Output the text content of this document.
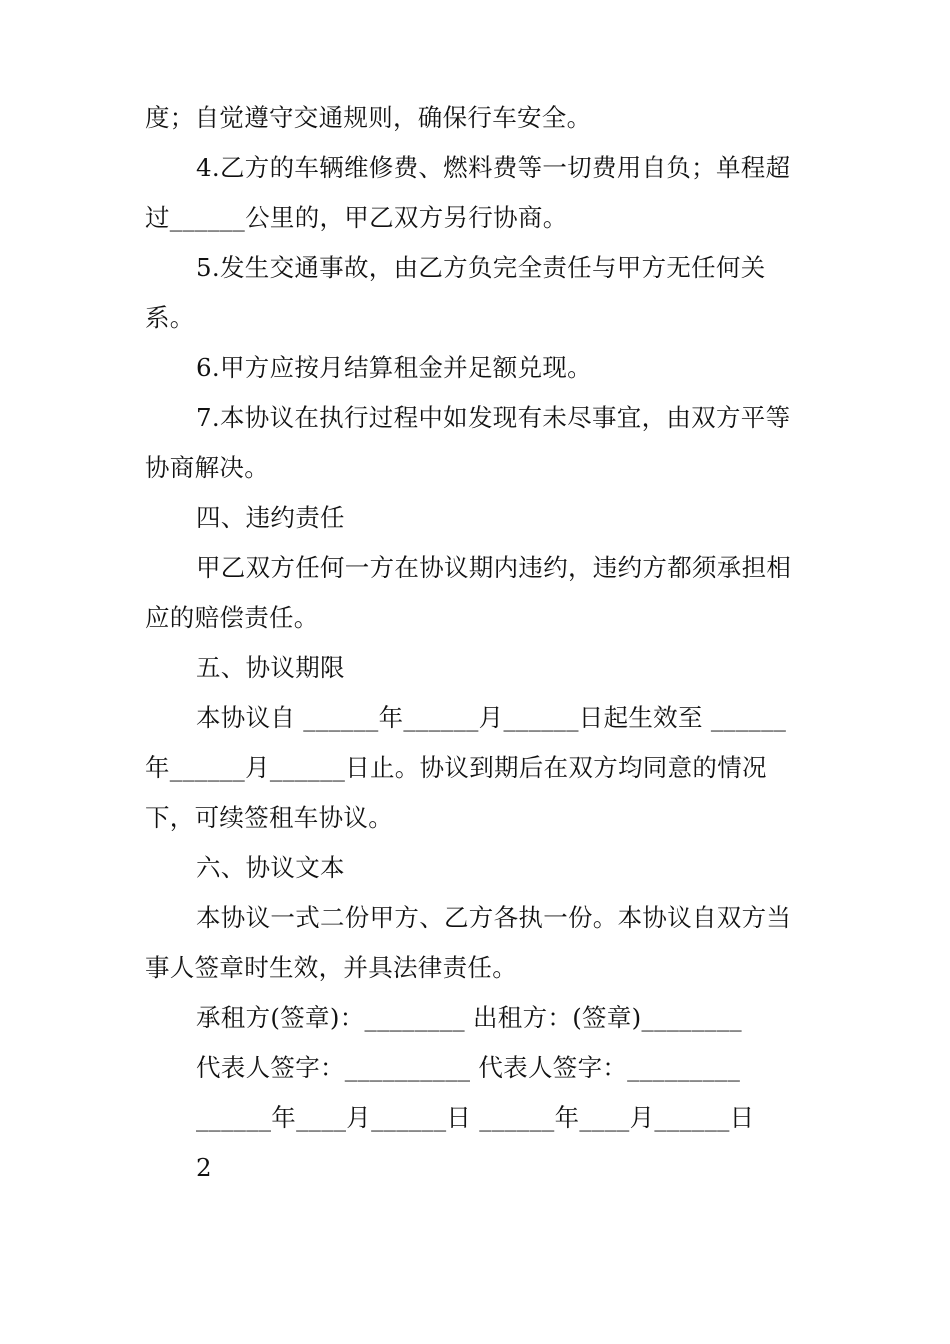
度；自觉遵守交通规则，确保行车安全。
4.乙方的车辆维修费、燃料费等一切费用自负；单程超
过______公里的，甲乙双方另行协商。
5.发生交通事故，由乙方负完全责任与甲方无任何关
系。
6.甲方应按月结算租金并足额兑现。
7.本协议在执行过程中如发现有未尽事宜，由双方平等
协商解决。
四、违约责任
甲乙双方任何一方在协议期内违约，违约方都须承担相
应的赔偿责任。
五、协议期限
本协议自 ______年______月______日起生效至 ______
年______月______日止。协议到期后在双方均同意的情况
下，可续签租车协议。
六、协议文本
本协议一式二份甲方、乙方各执一份。本协议自双方当
事人签章时生效，并具法律责任。
承租方(签章)：________ 出租方：(签章)________
代表人签字：__________ 代表人签字：_________
______年____月______日 ______年____月______日
2
